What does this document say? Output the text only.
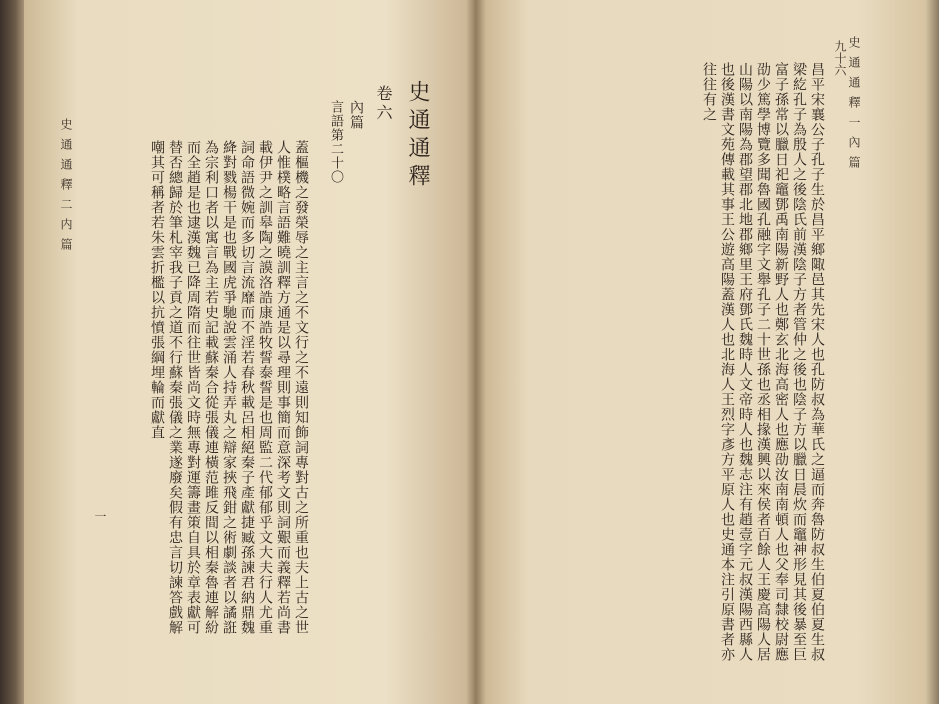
史通通釋
卷六
內篇
言語第二十〇
蓋樞機之發榮辱之主言之不文行之不遠則知飾詞專對古之所重也夫上古之世人惟樸略言語難曉訓釋方通是以尋理則事簡而意深考文則詞艱而義釋若尚書載伊尹之訓皋陶之謨洛誥康誥牧誓泰誓是也周監二代郁郁乎文大夫行人尤重詞命語微婉而多切言流靡而不淫若春秋載呂相絕秦子產獻捷臧孫諫君納鼎魏絳對戮楊干是也戰國虎爭馳說雲涌人持弄丸之辯家挾飛鉗之術劇談者以譎誑為宗利口者以寓言為主若史記載蘇秦合從張儀連橫范雎反間以相秦魯連解紛而全趙是也逮漢魏已降周隋而往世皆尚文時無專對運籌畫策自具於章表獻可替否總歸於筆札宰我子貢之道不行蘇秦張儀之業遂廢矣假有忠言切諫答戲解嘲其可稱者若朱雲折檻以抗憤張綱埋輪而獻直
史通通釋二内篇
一
史通通釋一內篇
九十六
昌平宋襄公子孔子生於昌平鄉陬邑其先宋人也孔防叔為華氏之逼而奔魯防叔生伯夏伯夏生叔梁紇孔子為殷人之後陰氏前漢陰子方者管仲之後也陰子方以臘日晨炊而竈神形見其後暴至巨富子孫常以臘日祀竈鄧禹南陽新野人也鄭玄北海高密人也應劭汝南南頓人也父奉司隸校尉應劭少篤學博覽多聞魯國孔融字文舉孔子二十世孫也丞相掾漢興以來侯者百餘人王慶高陽人居山陽以南陽為郡望郡北地郡鄉里王府鄧氏魏時人文帝時人也魏志注有趙壹字元叔漢陽西縣人也後漢書文苑傳載其事王公遊高陽蓋漢人也北海人王烈字彥方平原人也史通本注引原書者亦往往有之
